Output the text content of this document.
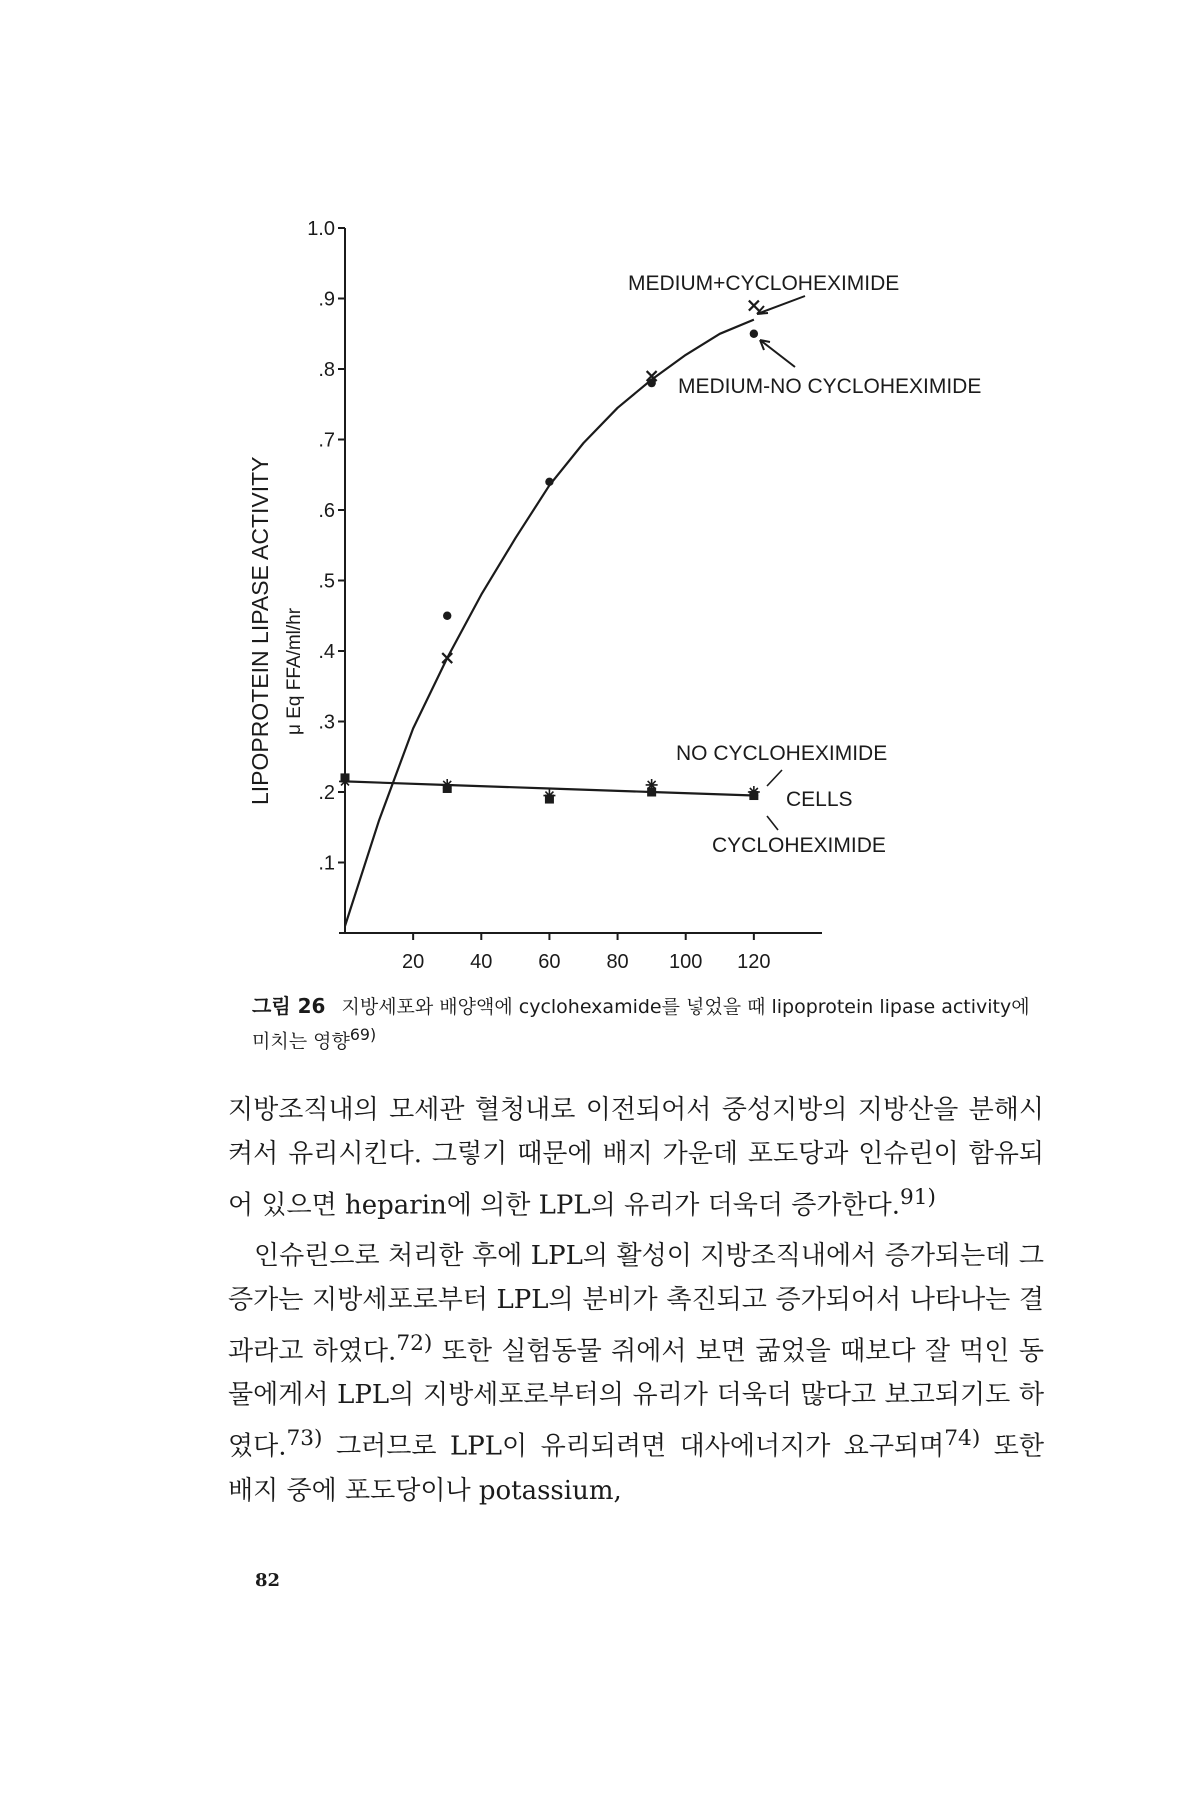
.1
.2
.3
.4
.5
.6
.7
.8
.9
1.0
20 40 60 80 100 120
MEDIUM+CYCLOHEXIMIDE
MEDIUM-NO CYCLOHEXIMIDE
NO CYCLOHEXIMIDE
CELLS
CYCLOHEXIMIDE
LIPOPROTEIN LIPASE ACTIVITY μ Eq FFA/ml/hr
그림 26 지방세포와 배양액에 cyclohexamide를 넣었을 때 lipoprotein lipase activity에 미치는 영향$^{69)}$

지방조직내의 모세관 혈청내로 이전되어서 중성지방의 지방산을 분해시켜서 유리시킨다. 그렇기 때문에 배지 가운데 포도당과 인슈린이 함유되어 있으면 heparin에 의한 LPL의 유리가 더욱더 증가한다.$^{91)}$

인슈린으로 처리한 후에 LPL의 활성이 지방조직내에서 증가되는데 그 증가는 지방세포로부터 LPL의 분비가 촉진되고 증가되어서 나타나는 결과라고 하였다.$^{72)}$ 또한 실험동물 쥐에서 보면 굶었을 때보다 잘 먹인 동물에게서 LPL의 지방세포로부터의 유리가 더욱더 많다고 보고되기도 하였다.$^{73)}$ 그러므로 LPL이 유리되려면 대사에너지가 요구되며$^{74)}$ 또한 배지 중에 포도당이나 potassium,

82
